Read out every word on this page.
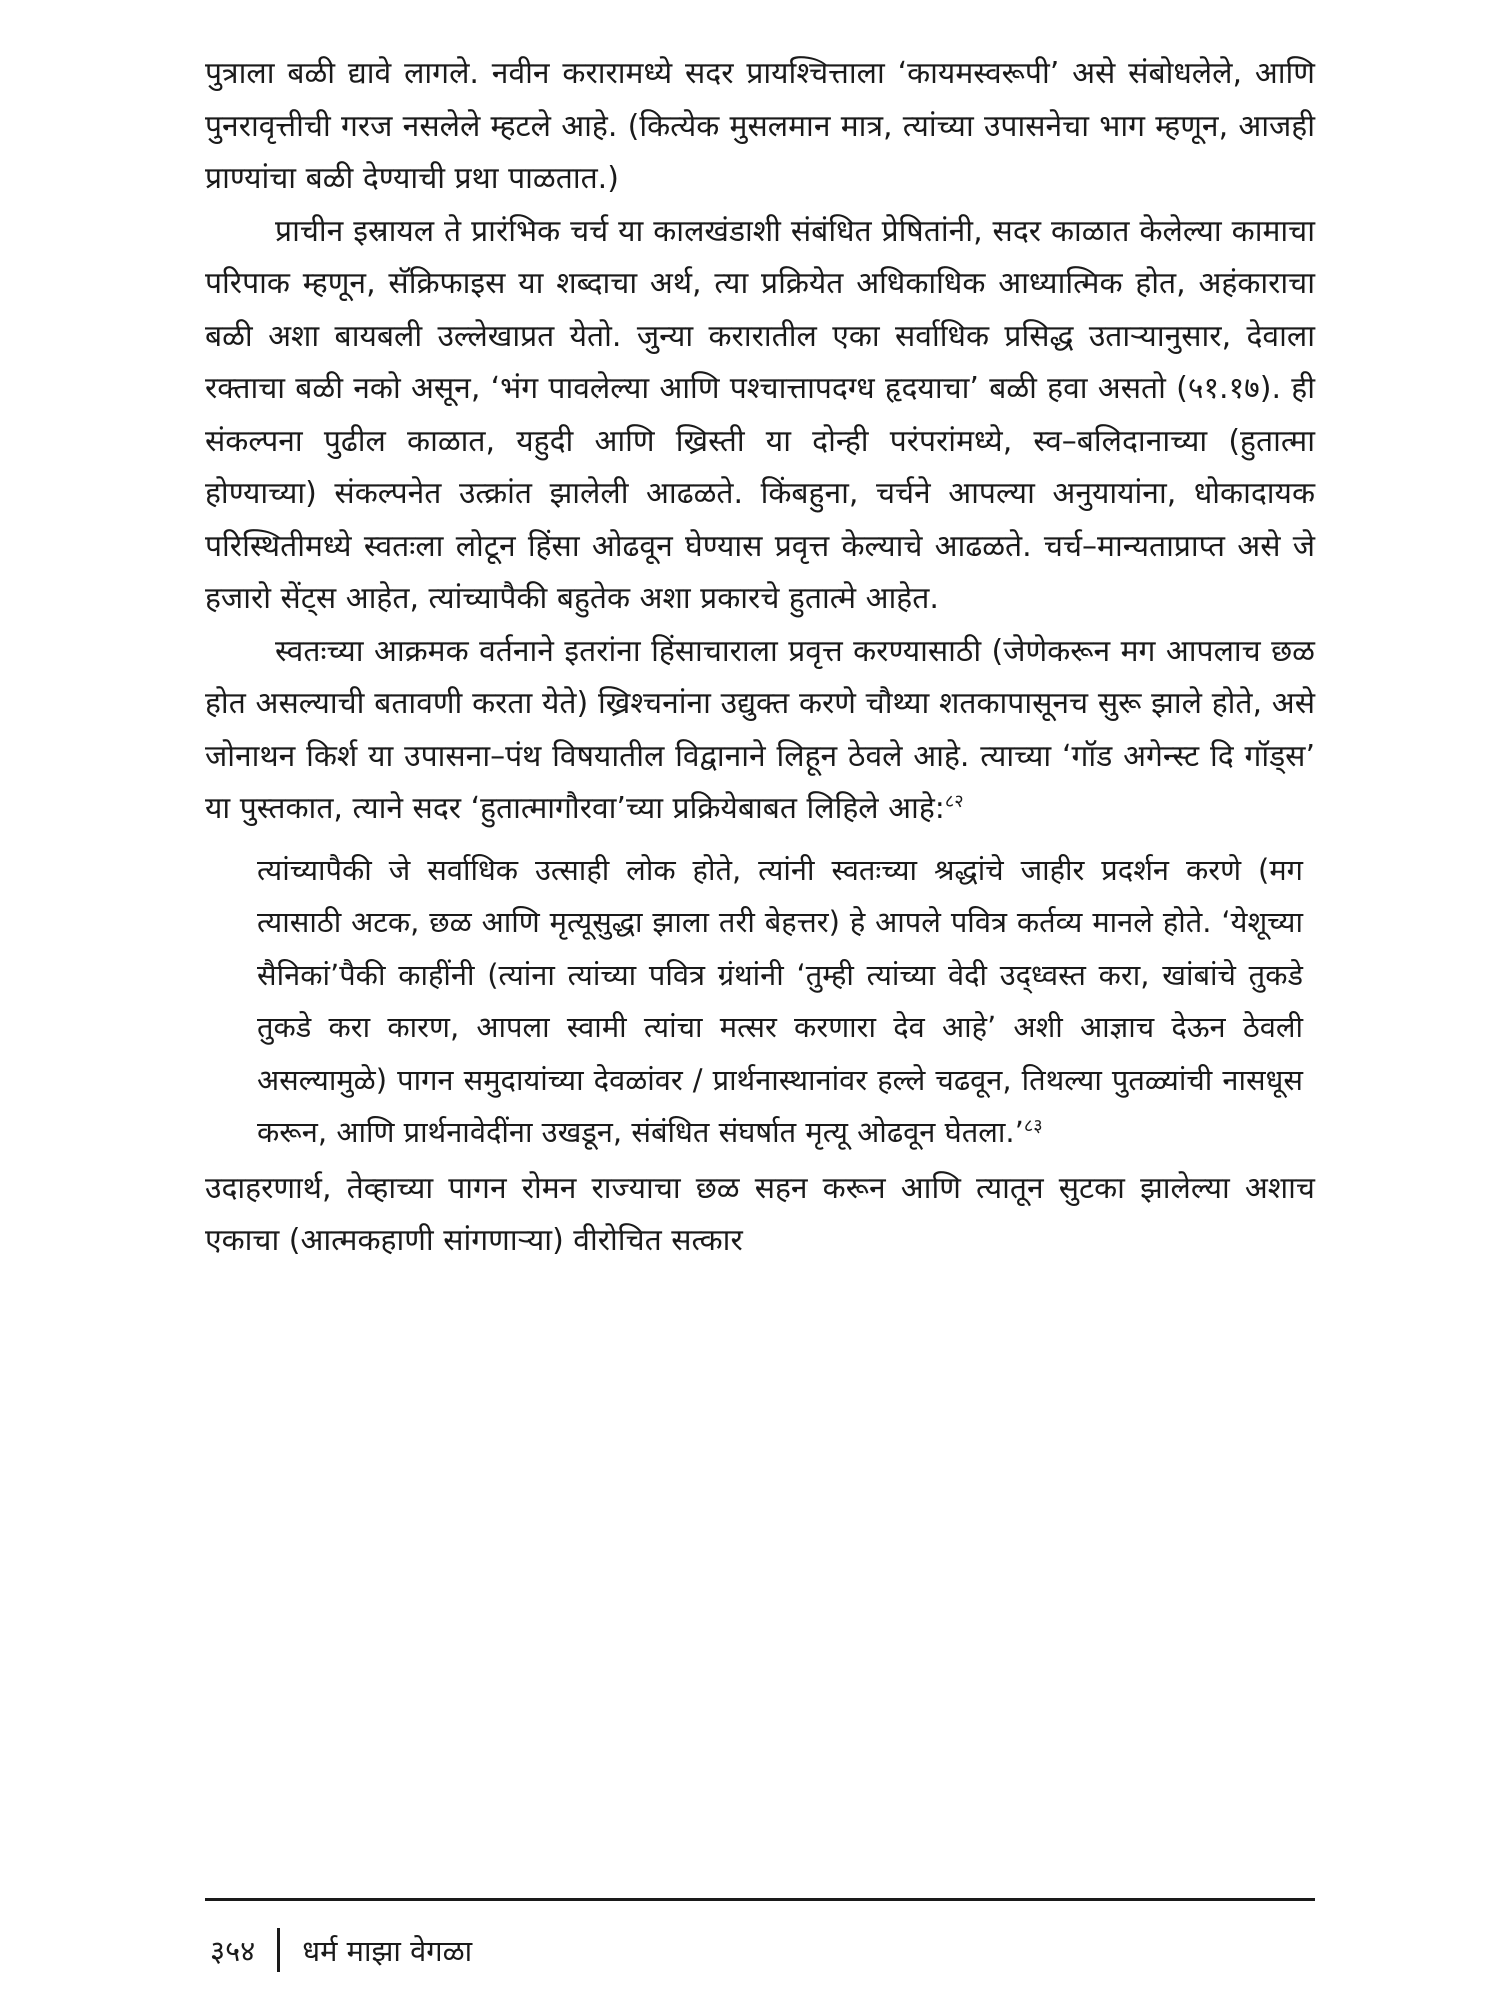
पुत्राला बळी द्यावे लागले. नवीन करारामध्ये सदर प्रायश्चित्ताला ‘कायमस्वरूपी’ असे संबोधलेले, आणि पुनरावृत्तीची गरज नसलेले म्हटले आहे. (कित्येक मुसलमान मात्र, त्यांच्या उपासनेचा भाग म्हणून, आजही प्राण्यांचा बळी देण्याची प्रथा पाळतात.)

प्राचीन इस्रायल ते प्रारंभिक चर्च या कालखंडाशी संबंधित प्रेषितांनी, सदर काळात केलेल्या कामाचा परिपाक म्हणून, सॅक्रिफाइस या शब्दाचा अर्थ, त्या प्रक्रियेत अधिकाधिक आध्यात्मिक होत, अहंकाराचा बळी अशा बायबली उल्लेखाप्रत येतो. जुन्या करारातील एका सर्वाधिक प्रसिद्ध उताऱ्यानुसार, देवाला रक्ताचा बळी नको असून, ‘भंग पावलेल्या आणि पश्चात्तापदग्ध हृदयाचा’ बळी हवा असतो (५१.१७). ही संकल्पना पुढील काळात, यहुदी आणि ख्रिस्ती या दोन्ही परंपरांमध्ये, स्व–बलिदानाच्या (हुतात्मा होण्याच्या) संकल्पनेत उत्क्रांत झालेली आढळते. किंबहुना, चर्चने आपल्या अनुयायांना, धोकादायक परिस्थितीमध्ये स्वतःला लोटून हिंसा ओढवून घेण्यास प्रवृत्त केल्याचे आढळते. चर्च–मान्यताप्राप्त असे जे हजारो सेंट्स आहेत, त्यांच्यापैकी बहुतेक अशा प्रकारचे हुतात्मे आहेत.

स्वतःच्या आक्रमक वर्तनाने इतरांना हिंसाचाराला प्रवृत्त करण्यासाठी (जेणेकरून मग आपलाच छळ होत असल्याची बतावणी करता येते) ख्रिश्चनांना उद्युक्त करणे चौथ्या शतकापासूनच सुरू झाले होते, असे जोनाथन किर्श या उपासना–पंथ विषयातील विद्वानाने लिहून ठेवले आहे. त्याच्या ‘गॉड अगेन्स्ट दि गॉड्स’ या पुस्तकात, त्याने सदर ‘हुतात्मागौरवा’च्या प्रक्रियेबाबत लिहिले आहे:$^{८२}$

त्यांच्यापैकी जे सर्वाधिक उत्साही लोक होते, त्यांनी स्वतःच्या श्रद्धांचे जाहीर प्रदर्शन करणे (मग त्यासाठी अटक, छळ आणि मृत्यूसुद्धा झाला तरी बेहत्तर) हे आपले पवित्र कर्तव्य मानले होते. ‘येशूच्या सैनिकां’पैकी काहींनी (त्यांना त्यांच्या पवित्र ग्रंथांनी ‘तुम्ही त्यांच्या वेदी उद्ध्वस्त करा, खांबांचे तुकडे तुकडे करा कारण, आपला स्वामी त्यांचा मत्सर करणारा देव आहे’ अशी आज्ञाच देऊन ठेवली असल्यामुळे) पागन समुदायांच्या देवळांवर / प्रार्थनास्थानांवर हल्ले चढवून, तिथल्या पुतळ्यांची नासधूस करून, आणि प्रार्थनावेदींना उखडून, संबंधित संघर्षात मृत्यू ओढवून घेतला.’$^{८३}$

उदाहरणार्थ, तेव्हाच्या पागन रोमन राज्याचा छळ सहन करून आणि त्यातून सुटका झालेल्या अशाच एकाचा (आत्मकहाणी सांगणाऱ्या) वीरोचित सत्कार

३५४ धर्म माझा वेगळा
